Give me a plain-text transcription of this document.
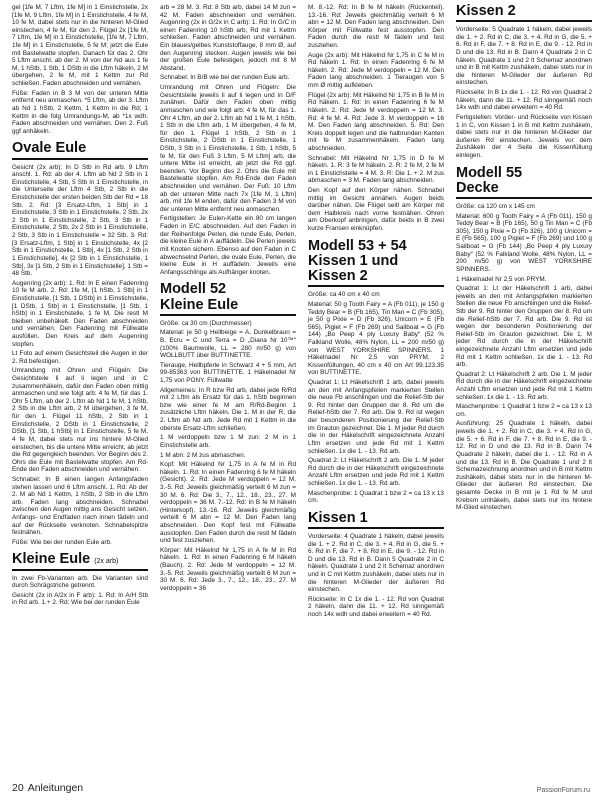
gel [1fe M, 7 Lftm, 1fe M] in 1 Einstichstelle, 2x [1fe M, 9 Lftm, 1fe M] in 1 Einstichstelle, 4 fe M, 10 fe M, dabei stets nur in die hinteren M-Glied einstechen, 4 fe M, für den 2. Flügel 2x [1fe M, 7 Lftm, 1fe M] in 1 Einstichstelle, [1fe M, 7 Lftm, 1fe M] in 1 Einstichstelle, 5 fe M; jetzt die Eule mit Bastelwatte stopfen. Danach für das 2. Ohr 5 Lftm anschl. ab der 2. M von der Nd aus 1 fe M, 1 hStb, 1 Stb, 1 DStb in die Lftm häkeln, 2 M übergehen, 2 fe M, mit 1 Kettm zur Rd schließen. Faden abschneiden und vernähen.

Füße: Faden in B 3 M von der unteren Mitte entfernt neu anmaschen. *5 Lftm, ab der 3. Lftm ab Nd 1 hStb, 2 Kettm, 1 Kettm in die Rd; 1 Kettm in die folg Umrandungs-M, ab *1x wdh. Faden abschneiden und vernähen. Den 2. Fuß ggf anhäkeln.

Ovale Eule

Gesicht (2x arb): In D Stb in Rd arb. 9 Lftm anschl. 1. Rd: ab der 4. Lftm ab Nd 2 Stb in 1 Einstichstelle, 4 Stb, 5 Stb in 1 Einstichstelle, in die Unterseite der Lftm 4 Stb, 2 Stb in die Einstichstelle der ersten beiden Stb der Rd = 18 Stb. 2. Rd: [3 Ersatz-Lftm, 1 Stb] in 1 Einstichstelle, 3 Stb in 1 Einstichstelle, 2 Stb, 2x 2 Stb in 1 Einstichstelle, 2 Stb, 3 Stb in 1 Einstichstelle, 2 Stb, 2x 2 Stb in 1 Einstichstelle, 2 Stb, 3 Stb in 1 Einstichstelle = 32 Stb. 3. Rd: [3 Ersatz-Lftm, 1 Stb] in 1 Einstichstelle, 4x [2 Stb in 1 Einstichstelle, 1 Stb], 4x [1 Stb, 2 Stb in 1 Einstichstelle], 4x [2 Stb in 1 Einstichstelle, 1 Stb], 3x [1 Stb, 2 Stb in 1 Einstichstelle], 1 Stb = 48 Stb.

Augenring (2x arb): 1. Rd: In E einen Fadenring 10 fe M arb. 2. Rd: 1fe M, [1 hStb, 1 Stb] in 1 Einstichstelle, [1 Stb, 1 DStb] in 1 Einstichstelle, [1 DStb, 1 Stb] in 1 Einstichstelle, [1 Stb, 1 hStb] in 1 Einstichstelle, 1 fe M. Die restl M bleiben unbehäkelt. Den Faden abschneiden und vernähen. Den Fadenring mit Füllwatte ausfüllen. Den Kreis auf dem Augenring stopfen.

Lt Foto auf einem Gesichtsteil die Augen in der 2. Rd befestigen.

Umrandung mit Ohren und Flügeln: Die Gesichtsteile li auf li legen und in C zusammenhäkeln, dafür den Faden oben mittig anmaschen und wie folgt arb: 4 fe M, für das 1. Ohr 5 Lftm, ab der 2. Lftm ab Nd 1 fe M, 1 hStb, 2 Stb in die Lftm arb, 2 M übergehen, 3 fe M, für den 1. Flügel 11 hStb, 2 Stb in 1 Einstichstelle, 2 DStb in 1 Einstichstelle, 2 DStb, [1 Stb, 1 hStb] in 1 Einstichstelle, 5 fe M, 4 fe M, dabei stets nur ins hintere M-Glied einstechen, bis die untere Mitte erreicht, ab jetzt die Rd gegengleich beenden. Vor Beginn des 2. Ohrs die Eule mit Bastelwatte stopfen. Am Rd-Ende den Faden abschneiden und vernähen.

Schnabel: In B einen langen Anfangsfaden stehen lassen und 6 Lftm anschl. 1. Rd: Ab der 2. M ab Nd 1 Kettm, 1 hStb, 2 Stb in die Lftm arb. Faden lang abschneiden. Schnabel zwischen den Augen mittig ans Gesicht setzen. Anfangs- und Endfaden nach innen fädeln und auf der Rückseite verknoten. Schnabelspitze festnähen.

Füße: Wie bei der runden Eule arb.

Kleine Eule (2x arb)

In zwei Fb-Varianten arb. Die Varianten sind durch Schrägstriche getrennt.

Gesicht (2x in A/2x in F arb): 1. Rd: In A/H Stb in Rd arb. 1.+ 2. Rd: Wie bei der runden Eule

arb = 28 M. 3. Rd: 8 Stb arb, dabei 14 M zun = 42 M. Faden abschneiden und vernähen. Augenring (2x in G/2x in C arb): 1. Rd: In G/C in einen Fadenring 10 hStb arb, Rd mit 1 Kettm schließen. Faden abschneiden und vernähen. Ein blaues/gelbes Kunststoffauge, 8 mm Ø, auf den Augenring stecken. Augen jeweils wie bei der großen Eule befestigen, jedoch mit 8 M Abstand.

Schnabel: In B/B wie bei der runden Eule arb.

Umrandung mit Ohren und Flügeln: Die Gesichtsteile jeweils li auf li legen und in D/F zunähen. Dafür den Faden oben mittig anmaschen und wie folgt arb: 4 fe M, für das 1. Ohr 4 Lftm, ab der 2. Lftm ab Nd 1 fe M, 1 hStb, 1 Stb in die Lftm arb, 1 M übergehen, 4 fe M, für den 1. Flügel 1 hStb, 2 Stb in 1 Einstichstelle, 2 DStb in 1 Einstichstelle, 1 DStb, 3 Stb in 1 Einstichstelle, 1 Stb, 1 hStb, 5 fe M, für den Fuß 3 Lftm, 5 M Lftm] arb, die untere Mitte ist erreicht, ab jetzt die Rd ggf. beenden. Vor Beginn des 2. Ohrs die Eule mit Bastelwatte stopfen. Am Rd-Ende den Faden abschneiden und vernähen. Der Fuß: 10 Lftm ab der unteren Mitte nach 7x [1fe M, 1 Lftm] arb, mit 1fe M enden, dafür den Faden 3 M von der unteren Mitte entfernt neu anmaschen.

Fertigstellen: Je Eulen-Kette ein 80 cm langen Faden in E/C abschneiden. Auf den Faden in der Reihenfolge Perlen, die runde Eule, Perlen, die kleine Eule in A auffädeln. Die Perlen jeweils mit Knoten sichern. Ebenso auf den Faden in C abwechselnd Perlen, die ovale Eule, Perlen, die kleine Eule in H auffädeln. Jeweils eine Anfangsschlinge als Aufhänger knoten.

Modell 52
Kleine Eule

Größe: ca 30 cm (Durchmesser)

Material: je 50 g Hellbeige = A, Dunkelbraun = B, Ecru = C und Terra = D „Diana Nr 10™“ (100% Baumwolle, LL = 280 m/50 g) von WOLLBUTT über BUTTINETTE.

Tierauge, Hellbpferle in Schwarz 4 + 5 mm, Art 99-85363 von BUTTINETTE. 1 Häkelnadel Nr 1,75 von PONY. Füllwatte

Allgemeines: In R bzw Rd arb, dabei jede R/Rd mit 2 Lftm als Ersatz für das 1. hStb beginnen bzw wie einer fe M am R/Rd-Beginn 1 zusätzliche Lftm häkeln. Die 1. M in der R, die 2. Lftm ab Nd arb. Jede Rd mit 1 Kettm in die oberste Ersatz-Lftm schließen.

1 M verdoppeln bzw 1 M zun: 2 M in 1 Einstichstelle arb.

1 M abn: 2 M zus abmaschen.

Kopf: Mit Häkelnd Nr 1,75 in A fe M in Rd häkeln. 1. Rd: In einen Fadenring 6 fe M häkeln (Gesicht). 2. Rd: Jede M verdoppeln = 12 M. 3.-5. Rd: Jeweils gleichmäßig verteilt 6 M zun = 30 M. 6. Rd: Die 3., 7., 12., 18., 23., 27. M verdoppeln = 36 M. 7.-12. Rd: In B fe M häkeln (Hinterkopf). 13.-16. Rd: Jeweils gleichmäßig verteilt 6 M abn = 12 M. Den Faden lang abschneiden. Den Kopf fest mit Füllwatte ausstopfen. Den Faden durch die restl M fädeln und fest zusziehen.

Körper: Mit Häkelnd Nr 1,75 in A fe M in Rd häkeln. 1. Rd: In einen Fadenring 6 M häkeln (Bauch). 2. Rd: Jede M verdoppeln = 12 M. 3.-5. Rd: Jeweils gleichmäßig verteilt 6 M zun = 30 M. 6. Rd: Jede 3., 7., 12., 18., 23., 27. M verdoppeln = 36

M. 8.-12. Rd: In B fe M häkeln (Rückenteil). 13.-16. Rd: Jeweils gleichmäßig verteilt 6 M abn = 12 M. Den Faden lang abschneiden. Den Körper mit Füllwatte fest ausstopfen. Den Faden durch die restl M fädeln und fest zusziehen.

Auge (2x arb): Mit Häkelnd Nr 1,75 in C fe M in Rd häkeln 1. Rd: In einen Fadenring 6 fe M häkeln. 2. Rd: Jede M verdoppeln = 12 M. Den Faden lang abschneiden. 1 Tieraugen von 5 mm Ø mittig aufkleben.

Flügel (2x arb): Mit Häkelnd Nr 1,75 in B fe M in Rd häkeln. 1. Rd: In einen Fadenring 6 fe M häkeln. 2. Rd: Jede M verdoppeln = 12 M. 3. Rd: 4 fe M. 4. Rd: Jede 3. M verdoppeln = 16 M. Den Faden lang abschneiden. 5. Rd: Den Kreis doppelt legen und die halbrunden Kanten mit fe M zusammenhäkeln. Faden lang abschneiden.

Schnabel: Mit Häkelnd Nr 1,75 in D fe M häkeln. 1. R: 3 fe M häkeln. 2. R: 2 fe M, 2 fe M in 1 Einstichstelle = 4 M. 3. R: Die 1. + 2. M zus abmaschen = 3 M. Faden lang abschneiden.

Den Kopf auf den Körper nähen. Schnabel mittig im Gesicht annähen. Augen beids darüber nähen. Die Flügel seitl am Körper mit dem Halbkreis nach vorne festnähen. Ohren am Oberkopf anbringen, dafür beids in B zwei kurze Fransen einknüpfen.

Modell 53 + 54
Kissen 1 und Kissen 2

Größe: ca 40 cm x 40 cm

Material: 50 g Tooth Fairy = A (Fb 011), je 150 g Teddy Bear = B (Fb 165), Tin Man = C (Fb 305), je 50 g Pixie = D (Fb 326), Unicorn = E (Fb 565), Piglet = F (Fb 269) und Sailboat = G (Fb 144) „Bo Peep 4 ply Luxury Baby“ (52 % Falkland Wolle, 48% Nylon, LL = 200 m/50 g) von WEST YORKSHIRE SPINNERS. 1 Häkelnadel Nr 2,5 von PRYM. 2 Kissenfüllungen, 40 cm x 40 cm Art 99.123.35 von BUTTINETTE.

Quadrat 1: Lt Häkelschrift 1 arb, dabei jeweils an den mit Anfangspfeilen markierten Stellen die neue Fb anschlingen und die Relief-Stb der 9. Rd hinter den Gruppen der 8. Rd um die Relief-hStb der 7. Rd arb. Die 9. Rd ist wegen der besonderen Positionierung der Relief-Stb im Grauton gezeichnet. Die 1. M jeder Rd durch die in der Häkelschrift eingezeichnete Anzahl Lftm ersetzen und jede Rd mit 1 Kettm schließen. 1x die 1. - 13. Rd arb.

Quadrat 2: Lt Häkelschrift 2 arb. Die 1. M jeder Rd durch die in der Häkelschrift eingezeichnete Anzahl Lftm ersetzen und jede Rd mit 1 Kettm schließen. 1x die 1. - 13. Rd arb.

Maschenprobe: 1 Quadrat 1 bzw 2 = ca 13 x 13 cm.

Kissen 1

Vorderseite: 4 Quadrate 1 häkeln, dabei jeweils die 1. + 2. Rd in C, die 3. + 4. Rd in G, die 5. + 6. Rd in F, die 7. + 8. Rd in E, die 9. - 12. Rd in D und die 13. Rd in B. Dann 5 Quadrate 2 in C häkeln. Quadrate 1 und 2 lt Schemaz anordnen und in C mit Kettm zushäkeln, dabei stets nur in die hinteren M-Glieder der äußeren Rd einstechen.

Rückseite: In C 1x die 1. - 12. Rd von Quadrat 2 häkeln, dann die 11. + 12. Rd sinngemäß noch 14x wdh und dabei erweitern = 40 Rd.

Kissen 2

Vorderseite: 5 Quadrate 1 häkeln, dabei jeweils die 1. + 2. Rd in C, die 3. + 4. Rd in G, die 5. + 6. Rd in F, die 7. + 8. Rd in E, die 9. - 12. Rd in D und die 13. Rd in B. Dann 4 Quadrate 2 in C häkeln. Quadrate 1 und 2 lt Schemaz anordnen und in B mit Kettm zushäkeln, dabei stets nur in die hinteren M-Glieder der äußeren Rd einstechen.

Rückseite: In B 1x die 1. - 12. Rd von Quadrat 2 häkeln, dann die 11. + 12. Rd sinngemäß noch 14x wdh und dabei erweitern = 40 Rd.

Fertigstellen: Vorder- und Rückseite von Kissen 1 in C, von Kissen 1 in B mit Kettm zushäkeln, dabei stets nur in die hinteren M-Glieder der äußeren Rd einstechen. Jeweils vor dem Zushäkeln der 4 Seite die Kissenfüllung einlegen.

Modell 55
Decke

Größe: ca 120 cm x 145 cm

Material: 600 g Tooth Fairy = A (Fb 011), 150 g Teddy Bear = B (Fb 165), 50 g Tin Man = C (Fb 305), 150 g Pixie = D (Fb 326), 100 g Unicorn = E (Fb 565), 100 g Piglet = F (Fb 269) und 100 g Sailboat = G (Fb 144) „Bo Peep 4 ply Luxury Baby“ (52 % Falkland Wolle, 48% Nylon, LL = 200 m/50 g) von WEST YORKSHIRE SPINNERS.

1 Häkelnadel Nr 2,5 von PRYM.

Quadrat 1: Lt der Häkelschrift 1 arb, dabei jeweils an den mit Anfangspfeilen markierten Stellen die neue Fb anschlingen und die Relief-Stb der 9. Rd hinter den Gruppen der 8. Rd um die Relief-hStb der 7. Rd arb. Die 9. Rd ist wegen der besonderen Positionierung der Relief-Stb im Grauton gezeichnet. Die 1. M jeder Rd durch die in der Häkelschrift eingezeichnete Anzahl Lftm ersetzen und jede Rd mit 1 Kettm schließen. 1x die 1. - 13. Rd arb.

Quadrat 2: Lt Häkelschrift 2 arb. Die 1. M jeder Rd durch die in der Häkelschrift eingezeichnete Anzahl Lftm ersetzen und jede Rd mit 1 Kettm schließen. 1x die 1. - 13. Rd arb.

Maschenprobe: 1 Quadrat 1 bzw 2 = ca 13 x 13 cm.

Ausführung: 25 Quadrate 1 häkeln, dabei jeweils die 1. + 2. Rd in C, die 3. + 4. Rd in G, die 5. + 6. Rd in F, die 7. + 8. Rd in E, die 9. - 12. Rd in D und die 13. Rd in B. Dann 74 Quadrate 2 häkeln, dabei die 1. - 12. Rd in A und die 13. Rd in B. Die Quadrate 1 und 2 lt Schemazeichnung anordnen und in B mit Kettm zushäkeln, dabei stets nur in die hinteren M-Glieder der äußeren Rd einstechen. Die gesamte Decke in B mit je 1 Rd fe M und Krebsm umhäkeln, dabei stets nur ins hintere M-Glied einstechen.

20 Anleitungen	PassionForum.ru
